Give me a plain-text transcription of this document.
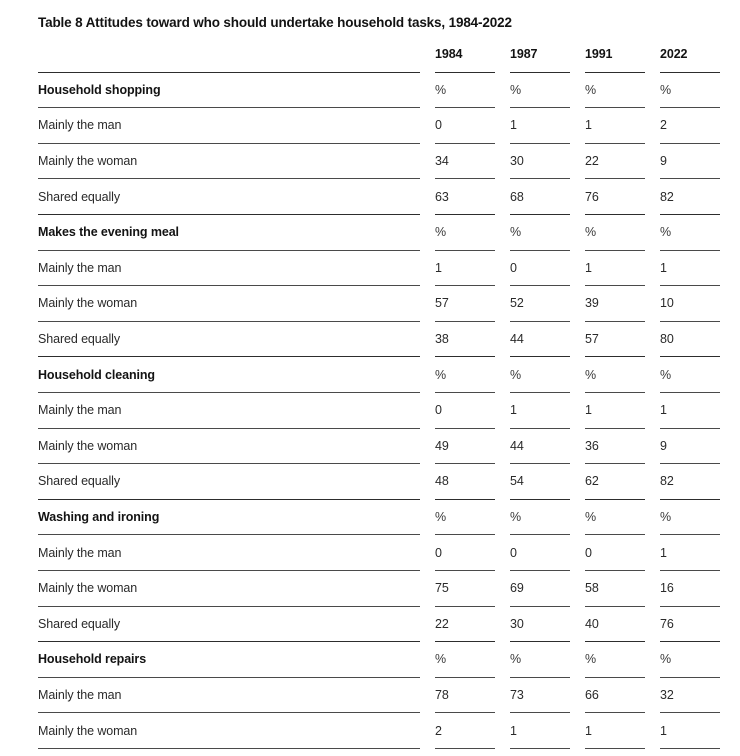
Table 8 Attitudes toward who should undertake household tasks, 1984-2022
1984	1987	1991	2022
Household shopping	%	%	%	%
Mainly the man	0	1	1	2
Mainly the woman	34	30	22	9
Shared equally	63	68	76	82
Makes the evening meal	%	%	%	%
Mainly the man	1	0	1	1
Mainly the woman	57	52	39	10
Shared equally	38	44	57	80
Household cleaning	%	%	%	%
Mainly the man	0	1	1	1
Mainly the woman	49	44	36	9
Shared equally	48	54	62	82
Washing and ironing	%	%	%	%
Mainly the man	0	0	0	1
Mainly the woman	75	69	58	16
Shared equally	22	30	40	76
Household repairs	%	%	%	%
Mainly the man	78	73	66	32
Mainly the woman	2	1	1	1
